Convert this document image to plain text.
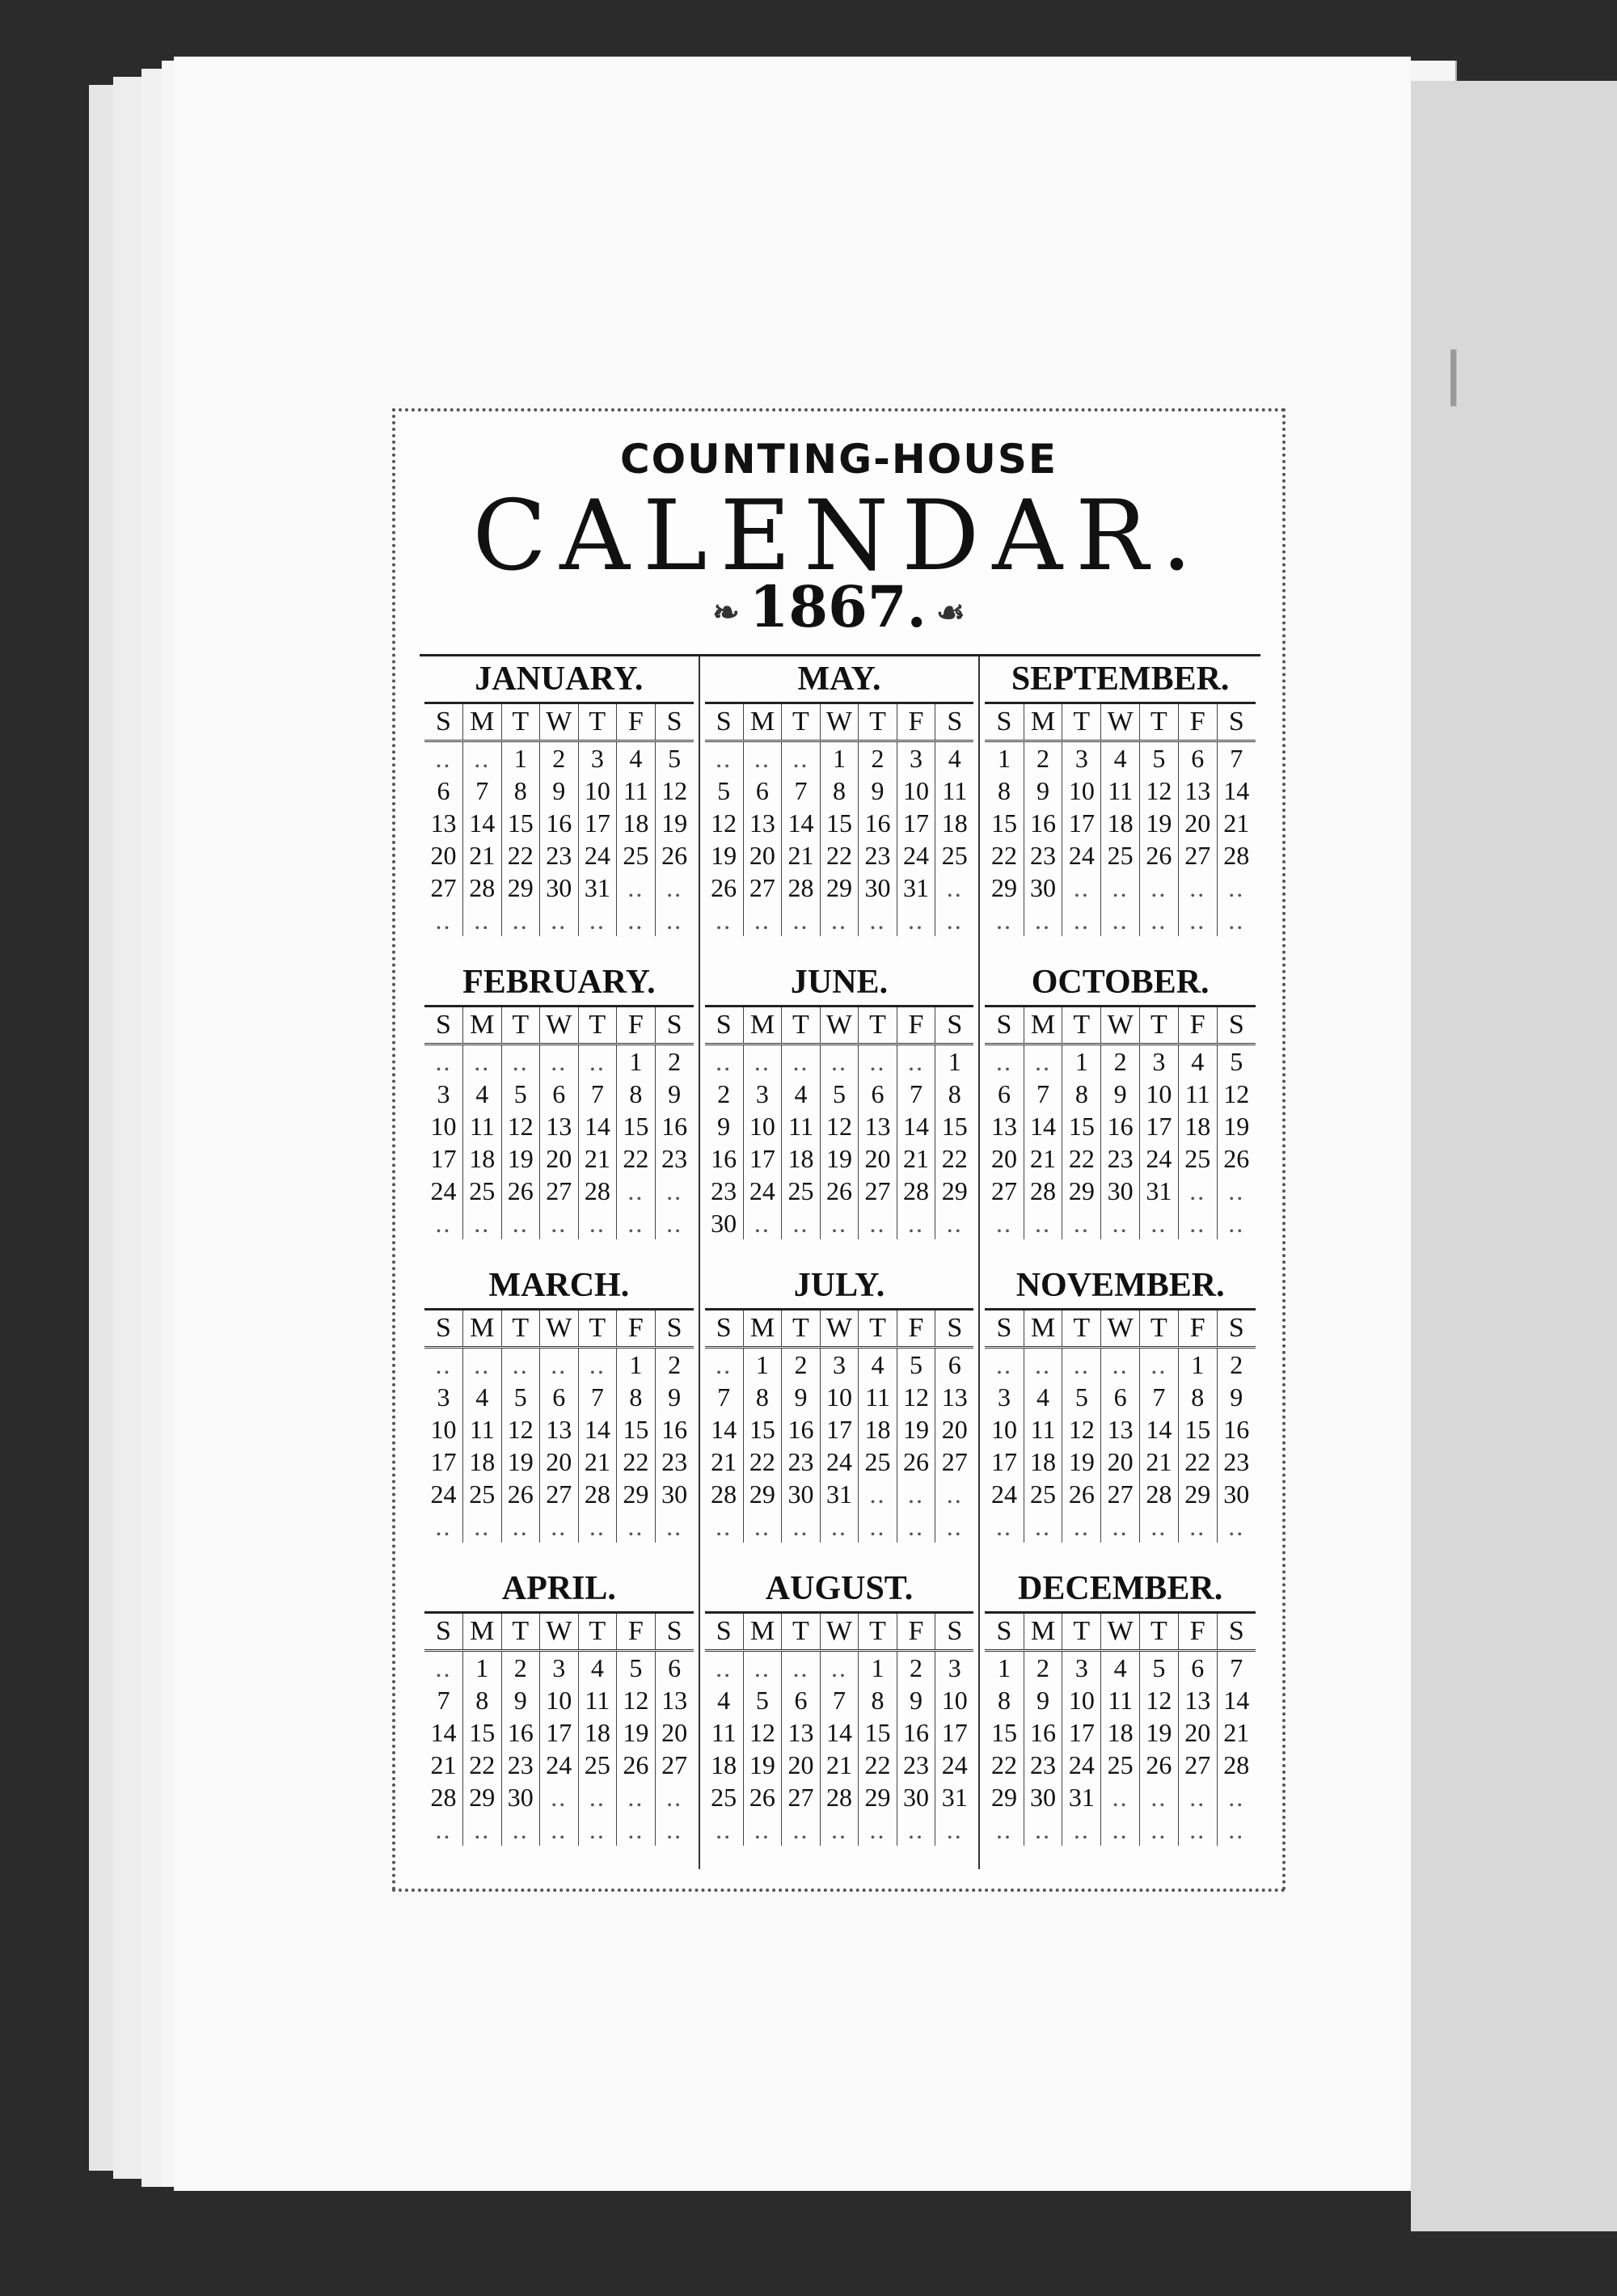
|
COUNTING-HOUSE
CALENDAR.
❧ 1867. ☙
JANUARY.
S	M	T	W	T	F	S
..	..	1	2	3	4	5
6	7	8	9	10	11	12
13	14	15	16	17	18	19
20	21	22	23	24	25	26
27	28	29	30	31	..	..
..	..	..	..	..	..	..
MAY.
S	M	T	W	T	F	S
..	..	..	1	2	3	4
5	6	7	8	9	10	11
12	13	14	15	16	17	18
19	20	21	22	23	24	25
26	27	28	29	30	31	..
..	..	..	..	..	..	..
SEPTEMBER.
S	M	T	W	T	F	S
1	2	3	4	5	6	7
8	9	10	11	12	13	14
15	16	17	18	19	20	21
22	23	24	25	26	27	28
29	30	..	..	..	..	..
..	..	..	..	..	..	..
FEBRUARY.
S	M	T	W	T	F	S
..	..	..	..	..	1	2
3	4	5	6	7	8	9
10	11	12	13	14	15	16
17	18	19	20	21	22	23
24	25	26	27	28	..	..
..	..	..	..	..	..	..
JUNE.
S	M	T	W	T	F	S
..	..	..	..	..	..	1
2	3	4	5	6	7	8
9	10	11	12	13	14	15
16	17	18	19	20	21	22
23	24	25	26	27	28	29
30	..	..	..	..	..	..
OCTOBER.
S	M	T	W	T	F	S
..	..	1	2	3	4	5
6	7	8	9	10	11	12
13	14	15	16	17	18	19
20	21	22	23	24	25	26
27	28	29	30	31	..	..
..	..	..	..	..	..	..
MARCH.
S	M	T	W	T	F	S
..	..	..	..	..	1	2
3	4	5	6	7	8	9
10	11	12	13	14	15	16
17	18	19	20	21	22	23
24	25	26	27	28	29	30
..	..	..	..	..	..	..
JULY.
S	M	T	W	T	F	S
..	1	2	3	4	5	6
7	8	9	10	11	12	13
14	15	16	17	18	19	20
21	22	23	24	25	26	27
28	29	30	31	..	..	..
..	..	..	..	..	..	..
NOVEMBER.
S	M	T	W	T	F	S
..	..	..	..	..	1	2
3	4	5	6	7	8	9
10	11	12	13	14	15	16
17	18	19	20	21	22	23
24	25	26	27	28	29	30
..	..	..	..	..	..	..
APRIL.
S	M	T	W	T	F	S
..	1	2	3	4	5	6
7	8	9	10	11	12	13
14	15	16	17	18	19	20
21	22	23	24	25	26	27
28	29	30	..	..	..	..
..	..	..	..	..	..	..
AUGUST.
S	M	T	W	T	F	S
..	..	..	..	1	2	3
4	5	6	7	8	9	10
11	12	13	14	15	16	17
18	19	20	21	22	23	24
25	26	27	28	29	30	31
..	..	..	..	..	..	..
DECEMBER.
S	M	T	W	T	F	S
1	2	3	4	5	6	7
8	9	10	11	12	13	14
15	16	17	18	19	20	21
22	23	24	25	26	27	28
29	30	31	..	..	..	..
..	..	..	..	..	..	..
